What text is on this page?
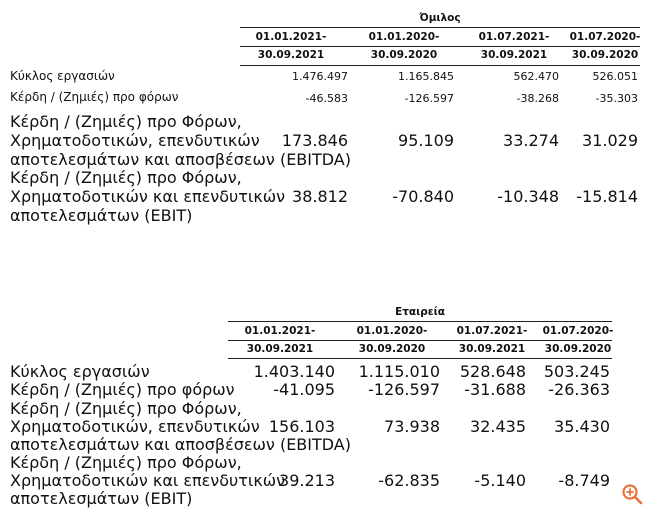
Όμιλος
01.01.2021-
30.09.2021
01.01.2020-
30.09.2020
01.07.2021-
30.09.2021
01.07.2020-
30.09.2020
Κύκλος εργασιών	1.476.497	1.165.845	562.470	526.051
Κέρδη / (Ζημιές) προ φόρων	-46.583	-126.597	-38.268	-35.303
Κέρδη / (Ζημιές) προ Φόρων,
Χρηματοδοτικών, επενδυτικών
αποτελεσμάτων και αποσβέσεων (EBITDA)
173.846	95.109	33.274 31.029
Κέρδη / (Ζημιές) προ Φόρων,
Χρηματοδοτικών και επενδυτικών
αποτελεσμάτων (EBIT)
38.812	-70.840	-10.348 -15.814
Εταιρεία
01.01.2021-
30.09.2021
01.01.2020-
30.09.2020
01.07.2021-
30.09.2021
01.07.2020-
30.09.2020
Κύκλος εργασιών	1.403.140 1.115.010 528.648 503.245
Κέρδη / (Ζημιές) προ φόρων -41.095 -126.597 -31.688 -26.363
Κέρδη / (Ζημιές) προ Φόρων,
Χρηματοδοτικών, επενδυτικών
αποτελεσμάτων και αποσβέσεων (EBITDA)
156.103	73.938 32.435 35.430
Κέρδη / (Ζημιές) προ Φόρων,
Χρηματοδοτικών και επενδυτικών
αποτελεσμάτων (EBIT)
39.213	-62.835 -5.140 -8.749
